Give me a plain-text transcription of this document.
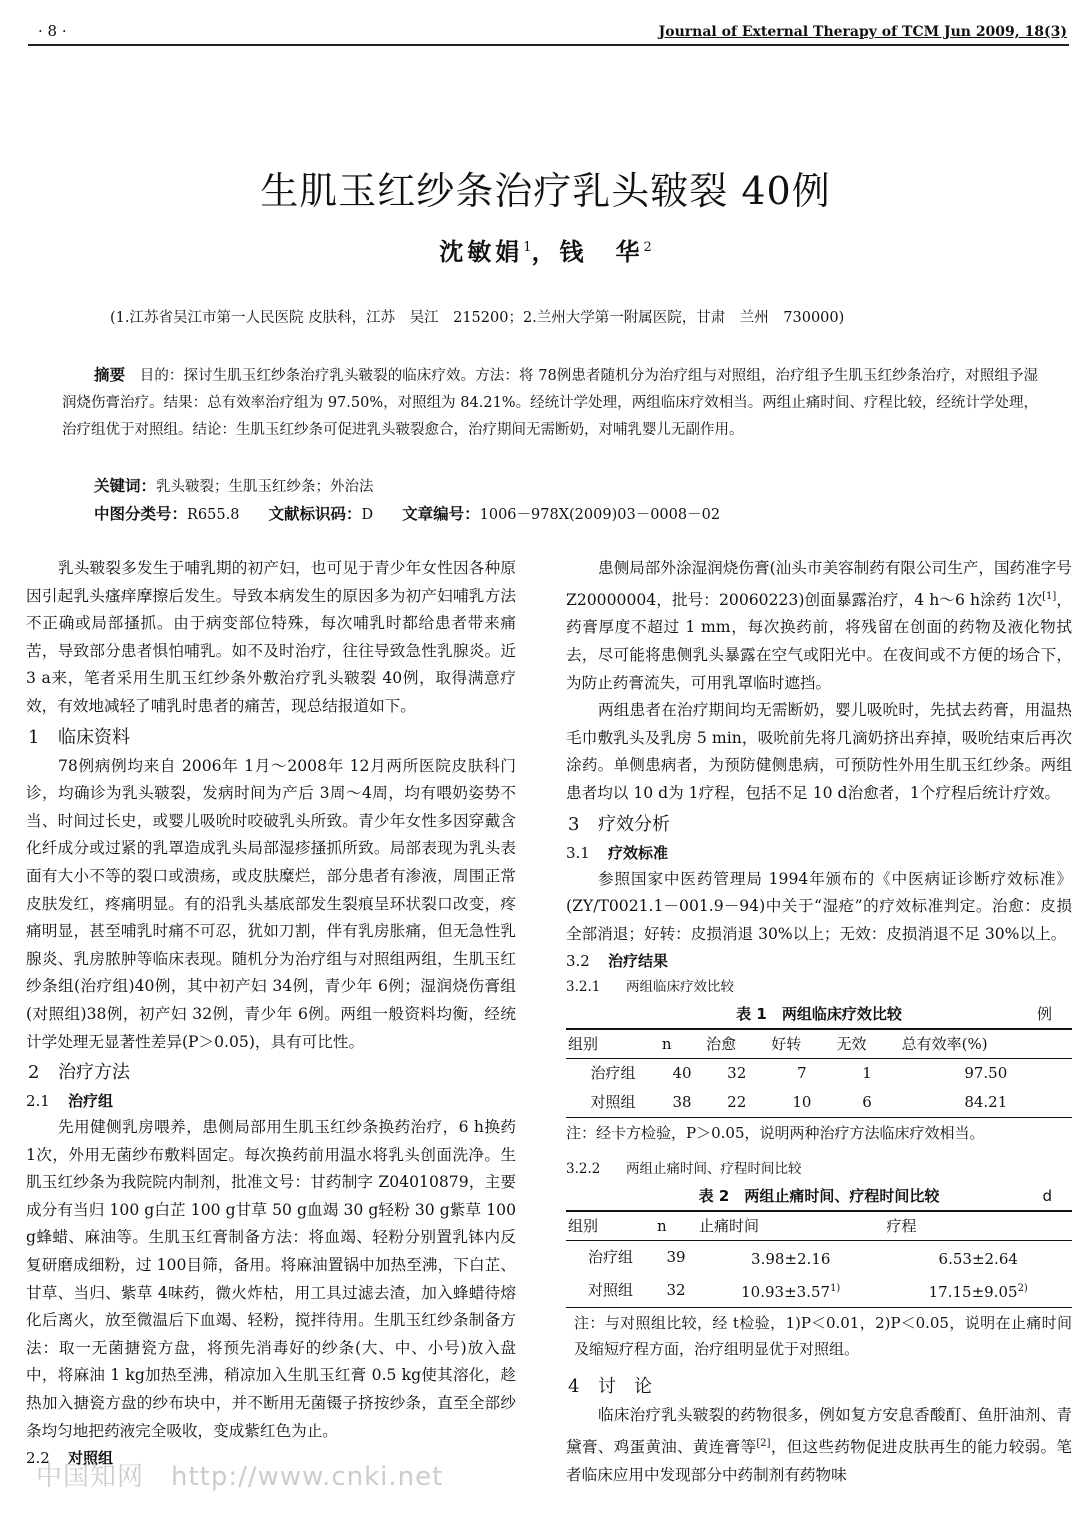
· 8 ·	Journal of External Therapy of TCM Jun 2009, 18(3)
生肌玉红纱条治疗乳头皲裂 40例
沈敏娟$^1$，钱　华$^2$
(1.江苏省吴江市第一人民医院 皮肤科，江苏　吴江　215200；2.兰州大学第一附属医院，甘肃　兰州　730000)
摘要　 目的：探讨生肌玉红纱条治疗乳头皲裂的临床疗效。方法：将 78例患者随机分为治疗组与对照组，治疗组予生肌玉红纱条治疗，对照组予湿润烧伤膏治疗。结果：总有效率治疗组为 97.50%，对照组为 84.21%。经统计学处理，两组临床疗效相当。两组止痛时间、疗程比较，经统计学处理，治疗组优于对照组。结论：生肌玉红纱条可促进乳头皲裂愈合，治疗期间无需断奶，对哺乳婴儿无副作用。
关键词：乳头皲裂；生肌玉红纱条；外治法
中图分类号：R655.8　　 文献标识码：D　　 文章编号：1006－978X(2009)03－0008－02

乳头皲裂多发生于哺乳期的初产妇，也可见于青少年女性因各种原因引起乳头瘙痒摩擦后发生。导致本病发生的原因多为初产妇哺乳方法不正确或局部搔抓。由于病变部位特殊，每次哺乳时都给患者带来痛苦，导致部分患者惧怕哺乳。如不及时治疗，往往导致急性乳腺炎。近 3 a来，笔者采用生肌玉红纱条外敷治疗乳头皲裂 40例，取得满意疗效，有效地减轻了哺乳时患者的痛苦，现总结报道如下。

1 临床资料

78例病例均来自 2006年 1月～2008年 12月两所医院皮肤科门诊，均确诊为乳头皲裂，发病时间为产后 3周～4周，均有喂奶姿势不当、时间过长史，或婴儿吸吮时咬破乳头所致。青少年女性多因穿戴含化纤成分或过紧的乳罩造成乳头局部湿疹搔抓所致。局部表现为乳头表面有大小不等的裂口或溃疡，或皮肤糜烂，部分患者有渗液，周围正常皮肤发红，疼痛明显。有的沿乳头基底部发生裂痕呈环状裂口改变，疼痛明显，甚至哺乳时痛不可忍，犹如刀割，伴有乳房胀痛，但无急性乳腺炎、乳房脓肿等临床表现。随机分为治疗组与对照组两组，生肌玉红纱条组(治疗组)40例，其中初产妇 34例，青少年 6例；湿润烧伤膏组(对照组)38例，初产妇 32例，青少年 6例。两组一般资料均衡，经统计学处理无显著性差异(P＞0.05)，具有可比性。

2 治疗方法
2.1 治疗组

先用健侧乳房喂养，患侧局部用生肌玉红纱条换药治疗，6 h换药 1次，外用无菌纱布敷料固定。每次换药前用温水将乳头创面洗净。生肌玉红纱条为我院院内制剂，批准文号：甘药制字 Z04010879，主要成分有当归 100 g白芷 100 g甘草 50 g血竭 30 g轻粉 30 g紫草 100 g蜂蜡、麻油等。生肌玉红膏制备方法：将血竭、轻粉分别置乳钵内反复研磨成细粉，过 100目筛，备用。将麻油置锅中加热至沸，下白芷、甘草、当归、紫草 4味药，微火炸枯，用工具过滤去渣，加入蜂蜡待熔化后离火，放至微温后下血竭、轻粉，搅拌待用。生肌玉红纱条制备方法：取一无菌搪瓷方盘，将预先消毒好的纱条(大、中、小号)放入盘中，将麻油 1 kg加热至沸，稍凉加入生肌玉红膏 0.5 kg使其溶化，趁热加入搪瓷方盘的纱布块中，并不断用无菌镊子挤按纱条，直至全部纱条均匀地把药液完全吸收，变成紫红色为止。

2.2 对照组

患侧局部外涂湿润烧伤膏(汕头市美容制药有限公司生产，国药准字号 Z20000004，批号：20060223)创面暴露治疗，4 h～6 h涂药 1次[1]，药膏厚度不超过 1 mm，每次换药前，将残留在创面的药物及液化物拭去，尽可能将患侧乳头暴露在空气或阳光中。在夜间或不方便的场合下，为防止药膏流失，可用乳罩临时遮挡。

两组患者在治疗期间均无需断奶，婴儿吸吮时，先拭去药膏，用温热毛巾敷乳头及乳房 5 min，吸吮前先将几滴奶挤出弃掉，吸吮结束后再次涂药。单侧患病者，为预防健侧患病，可预防性外用生肌玉红纱条。两组患者均以 10 d为 1疗程，包括不足 10 d治愈者，1个疗程后统计疗效。

3 疗效分析
3.1 疗效标准

参照国家中医药管理局 1994年颁布的《中医病证诊断疗效标准》(ZY/T0021.1－001.9－94)中关于“湿疮”的疗效标准判定。治愈：皮损全部消退；好转：皮损消退 30%以上；无效：皮损消退不足 30%以上。

3.2 治疗结果
3.2.1 两组临床疗效比较
表 1　两组临床疗效比较	例
组别	n	治愈	好转	无效	总有效率(%)
治疗组	40	32	7	1	97.50
对照组	38	22	10	6	84.21
注：经卡方检验，P＞0.05，说明两种治疗方法临床疗效相当。
3.2.2 两组止痛时间、疗程时间比较
表 2　两组止痛时间、疗程时间比较	d
组别	n	止痛时间	疗程
治疗组	39	3.98±2.16	6.53±2.64
对照组	32	$10.93\pm 3.57^{1)}$	$17.15\pm 9.05^{2)}$
注：与对照组比较，经 t检验，1)P＜0.01，2)P＜0.05，说明在止痛时间及缩短疗程方面，治疗组明显优于对照组。
4 讨　论

临床治疗乳头皲裂的药物很多，例如复方安息香酸酊、鱼肝油剂、青黛膏、鸡蛋黄油、黄连膏等[2]，但这些药物促进皮肤再生的能力较弱。笔者临床应用中发现部分中药制剂有药物味

中国知网　http://www.cnki.net
